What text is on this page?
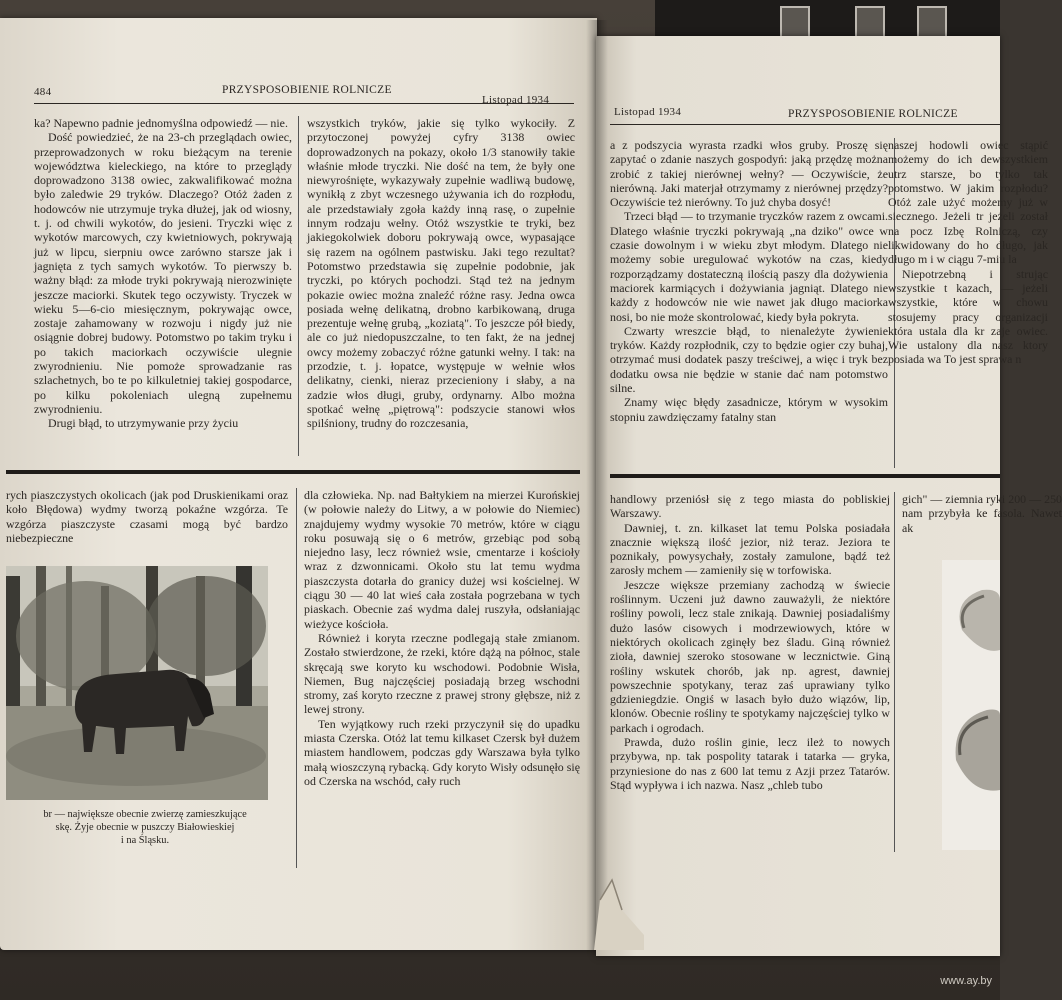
484	PRZYSPOSOBIENIE ROLNICZE
Listopad 1934

ka? Napewno padnie jednomyślna odpowiedź — nie.

Dość powiedzieć, że na 23-ch przeglądach owiec, przeprowadzonych w roku bieżącym na terenie województwa kieleckiego, na które to przeglądy doprowadzono 3138 owiec, zakwalifikować można było zaledwie 29 tryków. Dlaczego? Otóż żaden z hodowców nie utrzymuje tryka dłużej, jak od wiosny, t. j. od chwili wykotów, do jesieni. Tryczki więc z wykotów marcowych, czy kwietniowych, pokrywają już w lipcu, sierpniu owce zarówno starsze jak i jagnięta z tych samych wykotów. To pierwszy b. ważny błąd: za młode tryki pokrywają nierozwinięte jeszcze maciorki. Skutek tego oczywisty. Tryczek w wieku 5—6-cio miesięcznym, pokrywając owce, zostaje zahamowany w rozwoju i nigdy już nie osiągnie dobrej budowy. Potomstwo po takim tryku i po takich maciorkach oczywiście ulegnie zwyrodnieniu. Nie pomoże sprowadzanie ras szlachetnych, bo te po kilkuletniej takiej gospodarce, po kilku pokoleniach ulegną zupełnemu zwyrodnieniu.

Drugi błąd, to utrzymywanie przy życiu

wszystkich tryków, jakie się tylko wykociły. Z przytoczonej powyżej cyfry 3138 owiec doprowadzonych na pokazy, około 1/3 stanowiły takie właśnie młode tryczki. Nie dość na tem, że były one niewyrośnięte, wykazywały zupełnie wadliwą budowę, wynikłą z zbyt wczesnego używania ich do rozpłodu, ale przedstawiały zgoła każdy inną rasę, o zupełnie innym rodzaju wełny. Otóż wszystkie te tryki, bez jakiegokolwiek doboru pokrywają owce, wypasające się razem na ogólnem pastwisku. Jaki tego rezultat? Potomstwo przedstawia się zupełnie podobnie, jak tryczki, po których pochodzi. Stąd też na jednym pokazie owiec można znaleźć różne rasy. Jedna owca posiada wełnę delikatną, drobno karbikowaną, druga prezentuje wełnę grubą, „koziatą". To jeszcze pół biedy, ale co już niedopuszczalne, to ten fakt, że na jednej owcy możemy zobaczyć różne gatunki wełny. I tak: na przodzie, t. j. łopatce, występuje w wełnie włos delikatny, cienki, nieraz przecieniony i słaby, a na zadzie włos długi, gruby, ordynarny. Albo można spotkać wełnę „piętrową": podszycie stanowi włos spilśniony, trudny do rozczesania,

rych piaszczystych okolicach (jak pod Druskienikami oraz koło Błędowa) wydmy tworzą pokaźne wzgórza. Te wzgórza piaszczyste czasami mogą być bardzo niebezpieczne

br — największe obecnie zwierzę zamieszkujące
skę. Żyje obecnie w puszczy Białowieskiej
i na Śląsku.

dla człowieka. Np. nad Bałtykiem na mierzei Kurońskiej (w połowie należy do Litwy, a w połowie do Niemiec) znajdujemy wydmy wysokie 70 metrów, które w ciągu roku posuwają się o 6 metrów, grzebiąc pod sobą niejedno lasy, lecz również wsie, cmentarze i kościoły wraz z dzwonnicami. Około stu lat temu wydma piaszczysta dotarła do granicy dużej wsi kościelnej. W ciągu 30 — 40 lat wieś cała została pogrzebana w tych piaskach. Obecnie zaś wydma dalej ruszyła, odsłaniając wieżyce kościoła.

Również i koryta rzeczne podlegają stałe zmianom. Zostało stwierdzone, że rzeki, które dążą na północ, stale skręcają swe koryto ku wschodowi. Podobnie Wisła, Niemen, Bug najczęściej posiadają brzeg wschodni stromy, zaś koryto rzeczne z prawej strony głębsze, niż z lewej strony.

Ten wyjątkowy ruch rzeki przyczynił się do upadku miasta Czerska. Otóż lat temu kilkaset Czersk był dużem miastem handlowem, podczas gdy Warszawa była tylko małą wioszczyną rybacką. Gdy koryto Wisły odsunęło się od Czerska na wschód, cały ruch

Listopad 1934	PRZYSPOSOBIENIE ROLNICZE

a z podszycia wyrasta rzadki włos gruby. Proszę się zapytać o zdanie naszych gospodyń: jaką przędzę można zrobić z takiej nierównej wełny? — Oczywiście, że nierówną. Jaki materjał otrzymamy z nierównej przędzy? Oczywiście też nierówny. To już chyba dosyć!

Trzeci błąd — to trzymanie tryczków razem z owcami. Dlatego właśnie tryczki pokrywają „na dziko" owce w czasie dowolnym i w wieku zbyt młodym. Dlatego nie możemy sobie uregulować wykotów na czas, kiedy rozporządzamy dostateczną ilością paszy dla dożywienia maciorek karmiących i dożywiania jagniąt. Dlatego nie każdy z hodowców nie wie nawet jak długo maciorka nosi, bo nie może skontrolować, kiedy była pokryta.

Czwarty wreszcie błąd, to nienależyte żywienie tryków. Każdy rozpłodnik, czy to będzie ogier czy buhaj, otrzymać musi dodatek paszy treściwej, a więc i tryk bez dodatku owsa nie będzie w stanie dać nam potomstwo silne.

Znamy więc błędy zasadnicze, którym w wysokim stopniu zawdzięczamy fatalny stan

naszej hodowli owiec stąpić możemy do ich dewszystkiem utrz starsze, bo tylko tak potomstwo. W jakim rozpłodu? Otóż zale użyć możemy już w siecznego. Jeżeli tr jeżeli został na pocz Izbę Rolniczą, czy likwidowany do ho długo, jak długo m i w ciągu 7-miu la

Niepotrzebną i strując wszystkie t kazach, — jeżeli wszystkie, które w chowu stosujemy pracy organizacji która ustala dla kr zaje owiec. Wie ustalony dla nasz ktory posiada wa To jest sprawa n

handlowy przeniósł się z tego miasta do pobliskiej Warszawy.

Dawniej, t. zn. kilkaset lat temu Polska posiadała znacznie większą ilość jezior, niż teraz. Jeziora te poznikały, powysychały, zostały zamulone, bądź też zarosły mchem — zamieniły się w torfowiska.

Jeszcze większe przemiany zachodzą w świecie roślinnym. Uczeni już dawno zauważyli, że niektóre rośliny powoli, lecz stale znikają. Dawniej posiadaliśmy dużo lasów cisowych i modrzewiowych, które w niektórych okolicach zginęły bez śladu. Giną również zioła, dawniej szeroko stosowane w lecznictwie. Giną rośliny wskutek chorób, jak np. agrest, dawniej powszechnie spotykany, teraz zaś uprawiany tylko gdzieniegdzie. Ongiś w lasach było dużo wiązów, lip, klonów. Obecnie rośliny te spotykamy najczęściej tylko w parkach i ogrodach.

Prawda, dużo roślin ginie, lecz ileż to nowych przybywa, np. tak pospolity tatarak i tatarka — gryka, przyniesione do nas z 600 lat temu z Azji przez Tatarów. Stąd wypływa i ich nazwa. Nasz „chleb tubo

gich" — ziemnia ryki 200 — 250 nam przybyła ke fasola. Nawet ak

www.ay.by
